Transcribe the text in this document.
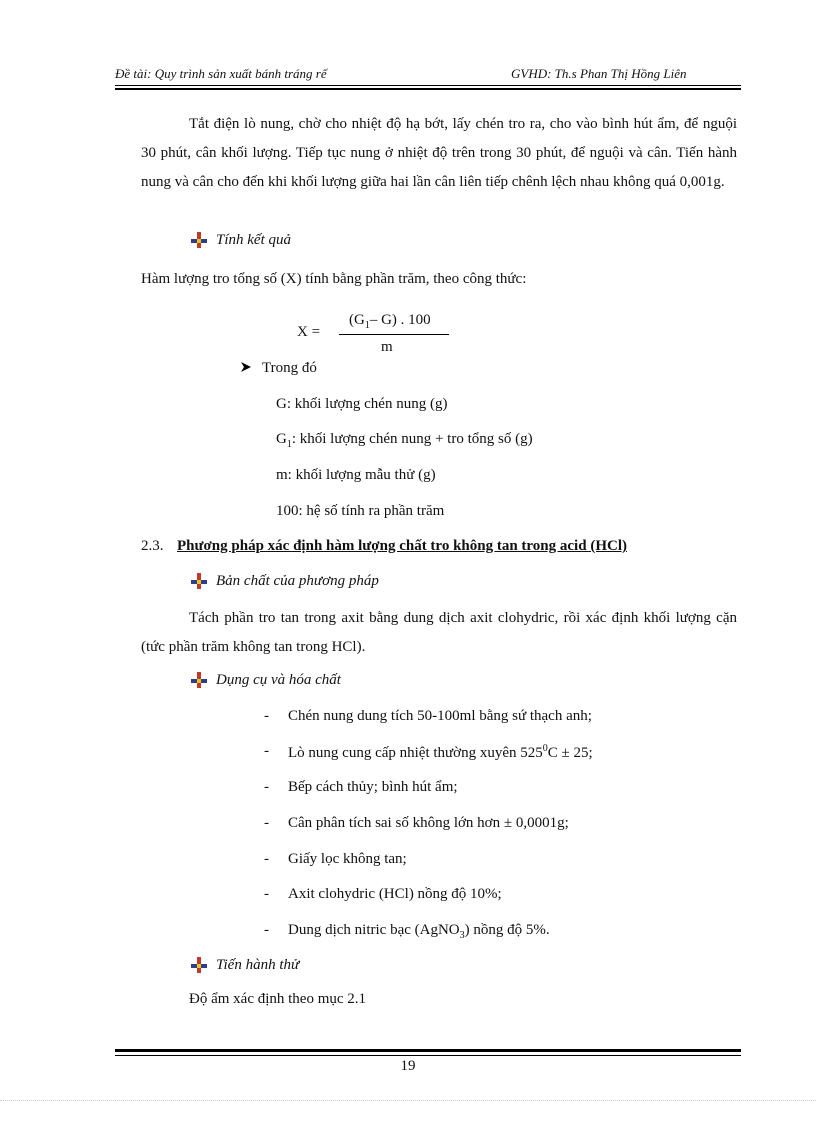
Đề tài: Quy trình sản xuất bánh tráng rế	GVHD: Th.s Phan Thị Hồng Liên
Tắt điện lò nung, chờ cho nhiệt độ hạ bớt, lấy chén tro ra, cho vào bình hút ẩm, để nguội 30 phút, cân khối lượng. Tiếp tục nung ở nhiệt độ trên trong 30 phút, để nguội và cân. Tiến hành nung và cân cho đến khi khối lượng giữa hai lần cân liên tiếp chênh lệch nhau không quá 0,001g.
Tính kết quả
Hàm lượng tro tổng số (X) tính bằng phần trăm, theo công thức:
X =
($G_1-$ G) . 100
m
Trong đó
G: khối lượng chén nung (g)
$G_1$: khối lượng chén nung + tro tổng số (g)
m: khối lượng mẫu thử (g)
100: hệ số tính ra phần trăm
2.3. Phương pháp xác định hàm lượng chất tro không tan trong acid (HCl)
Bản chất của phương pháp
Tách phần tro tan trong axit bằng dung dịch axit clohydric, rồi xác định khối lượng cặn (tức phần trăm không tan trong HCl).
Dụng cụ và hóa chất
- Chén nung dung tích 50-100ml bằng sứ thạch anh;
- Lò nung cung cấp nhiệt thường xuyên $525^0C \pm 25$;
- Bếp cách thủy; bình hút ẩm;
- Cân phân tích sai số không lớn hơn ± 0,0001g;
- Giấy lọc không tan;
- Axit clohydric (HCl) nồng độ 10%;
- Dung dịch nitric bạc (AgNO$_3$) nồng độ 5%.
Tiến hành thử
Độ ẩm xác định theo mục 2.1
19
